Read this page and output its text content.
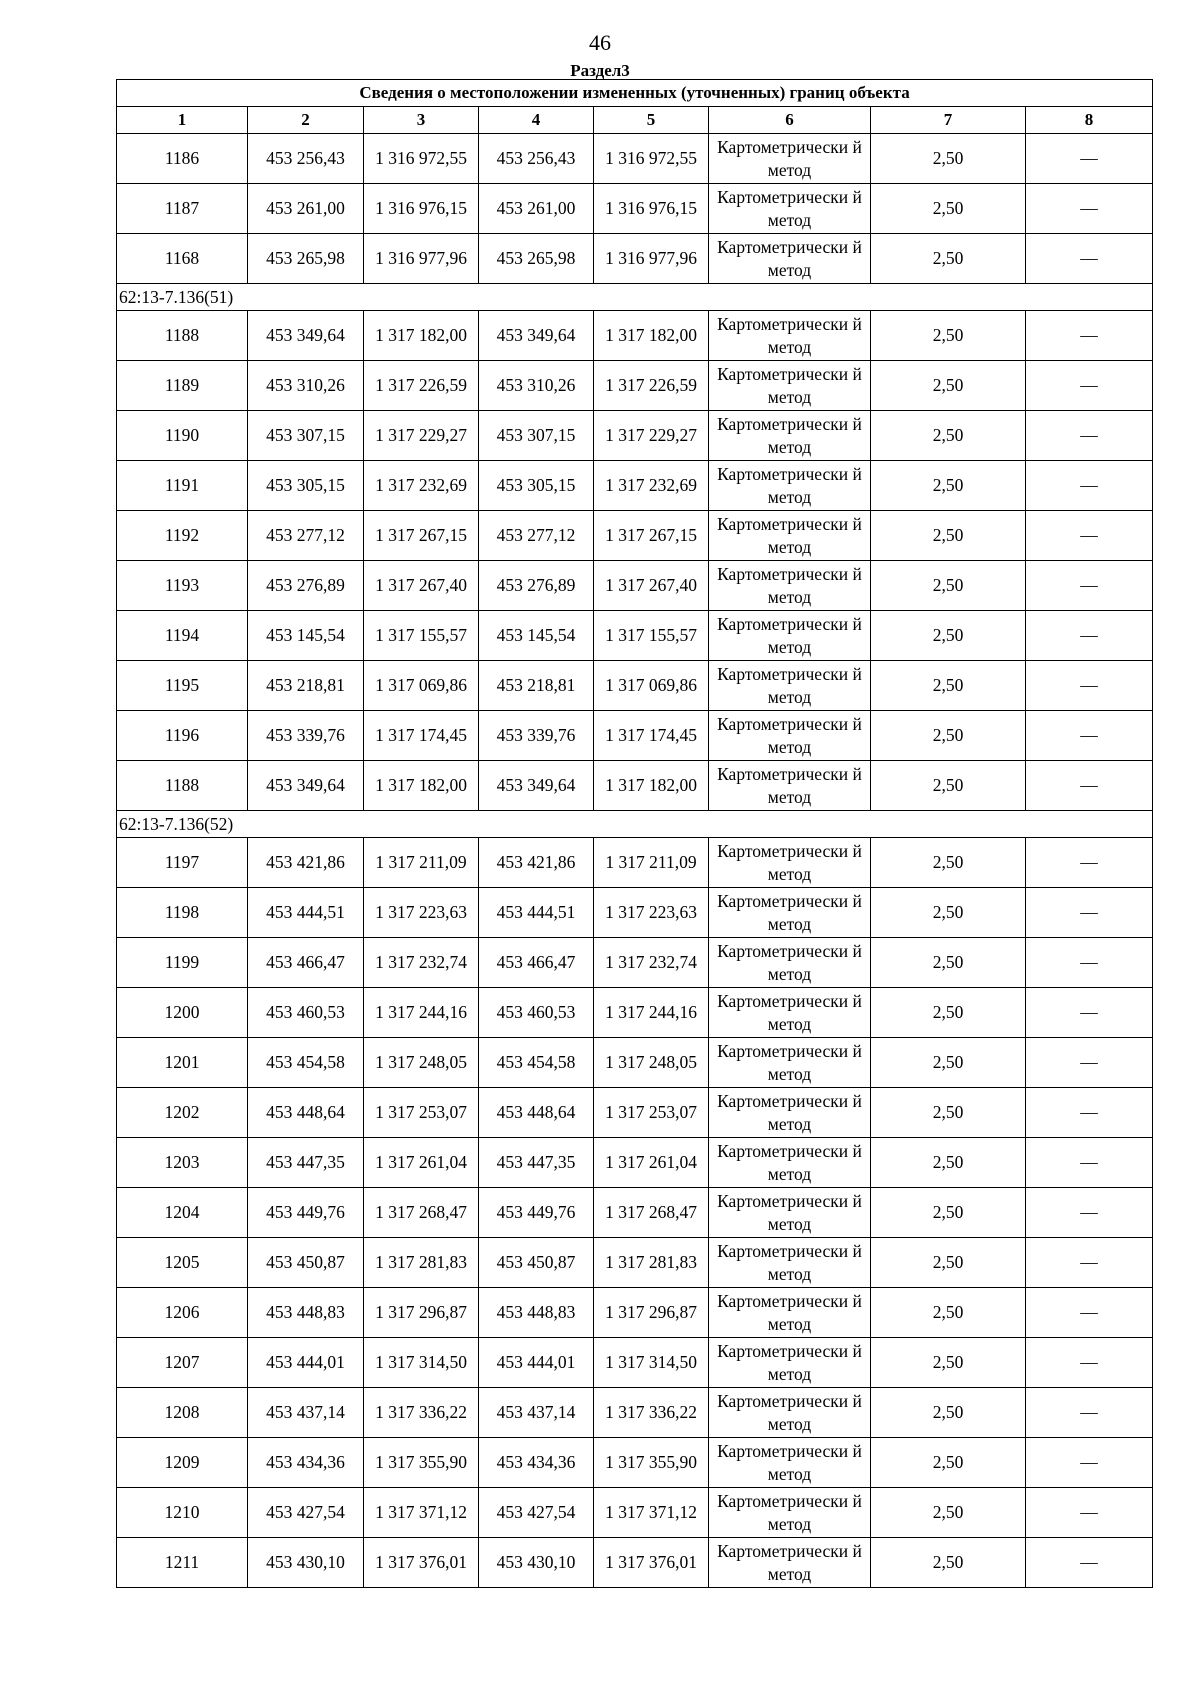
46
Раздел3
Сведения о местоположении измененных (уточненных) границ объекта							
1	2	3	4	5	6	7	8
1186	453 256,43	1 316 972,55	453 256,43	1 316 972,55	Картометрически й метод	2,50	—
1187	453 261,00	1 316 976,15	453 261,00	1 316 976,15	Картометрически й метод	2,50	—
1168	453 265,98	1 316 977,96	453 265,98	1 316 977,96	Картометрически й метод	2,50	—
62:13-7.136(51)							
1188	453 349,64	1 317 182,00	453 349,64	1 317 182,00	Картометрически й метод	2,50	—
1189	453 310,26	1 317 226,59	453 310,26	1 317 226,59	Картометрически й метод	2,50	—
1190	453 307,15	1 317 229,27	453 307,15	1 317 229,27	Картометрически й метод	2,50	—
1191	453 305,15	1 317 232,69	453 305,15	1 317 232,69	Картометрически й метод	2,50	—
1192	453 277,12	1 317 267,15	453 277,12	1 317 267,15	Картометрически й метод	2,50	—
1193	453 276,89	1 317 267,40	453 276,89	1 317 267,40	Картометрически й метод	2,50	—
1194	453 145,54	1 317 155,57	453 145,54	1 317 155,57	Картометрически й метод	2,50	—
1195	453 218,81	1 317 069,86	453 218,81	1 317 069,86	Картометрически й метод	2,50	—
1196	453 339,76	1 317 174,45	453 339,76	1 317 174,45	Картометрически й метод	2,50	—
1188	453 349,64	1 317 182,00	453 349,64	1 317 182,00	Картометрически й метод	2,50	—
62:13-7.136(52)							
1197	453 421,86	1 317 211,09	453 421,86	1 317 211,09	Картометрически й метод	2,50	—
1198	453 444,51	1 317 223,63	453 444,51	1 317 223,63	Картометрически й метод	2,50	—
1199	453 466,47	1 317 232,74	453 466,47	1 317 232,74	Картометрически й метод	2,50	—
1200	453 460,53	1 317 244,16	453 460,53	1 317 244,16	Картометрически й метод	2,50	—
1201	453 454,58	1 317 248,05	453 454,58	1 317 248,05	Картометрически й метод	2,50	—
1202	453 448,64	1 317 253,07	453 448,64	1 317 253,07	Картометрически й метод	2,50	—
1203	453 447,35	1 317 261,04	453 447,35	1 317 261,04	Картометрически й метод	2,50	—
1204	453 449,76	1 317 268,47	453 449,76	1 317 268,47	Картометрически й метод	2,50	—
1205	453 450,87	1 317 281,83	453 450,87	1 317 281,83	Картометрически й метод	2,50	—
1206	453 448,83	1 317 296,87	453 448,83	1 317 296,87	Картометрически й метод	2,50	—
1207	453 444,01	1 317 314,50	453 444,01	1 317 314,50	Картометрически й метод	2,50	—
1208	453 437,14	1 317 336,22	453 437,14	1 317 336,22	Картометрически й метод	2,50	—
1209	453 434,36	1 317 355,90	453 434,36	1 317 355,90	Картометрически й метод	2,50	—
1210	453 427,54	1 317 371,12	453 427,54	1 317 371,12	Картометрически й метод	2,50	—
1211	453 430,10	1 317 376,01	453 430,10	1 317 376,01	Картометрически й метод	2,50	—
